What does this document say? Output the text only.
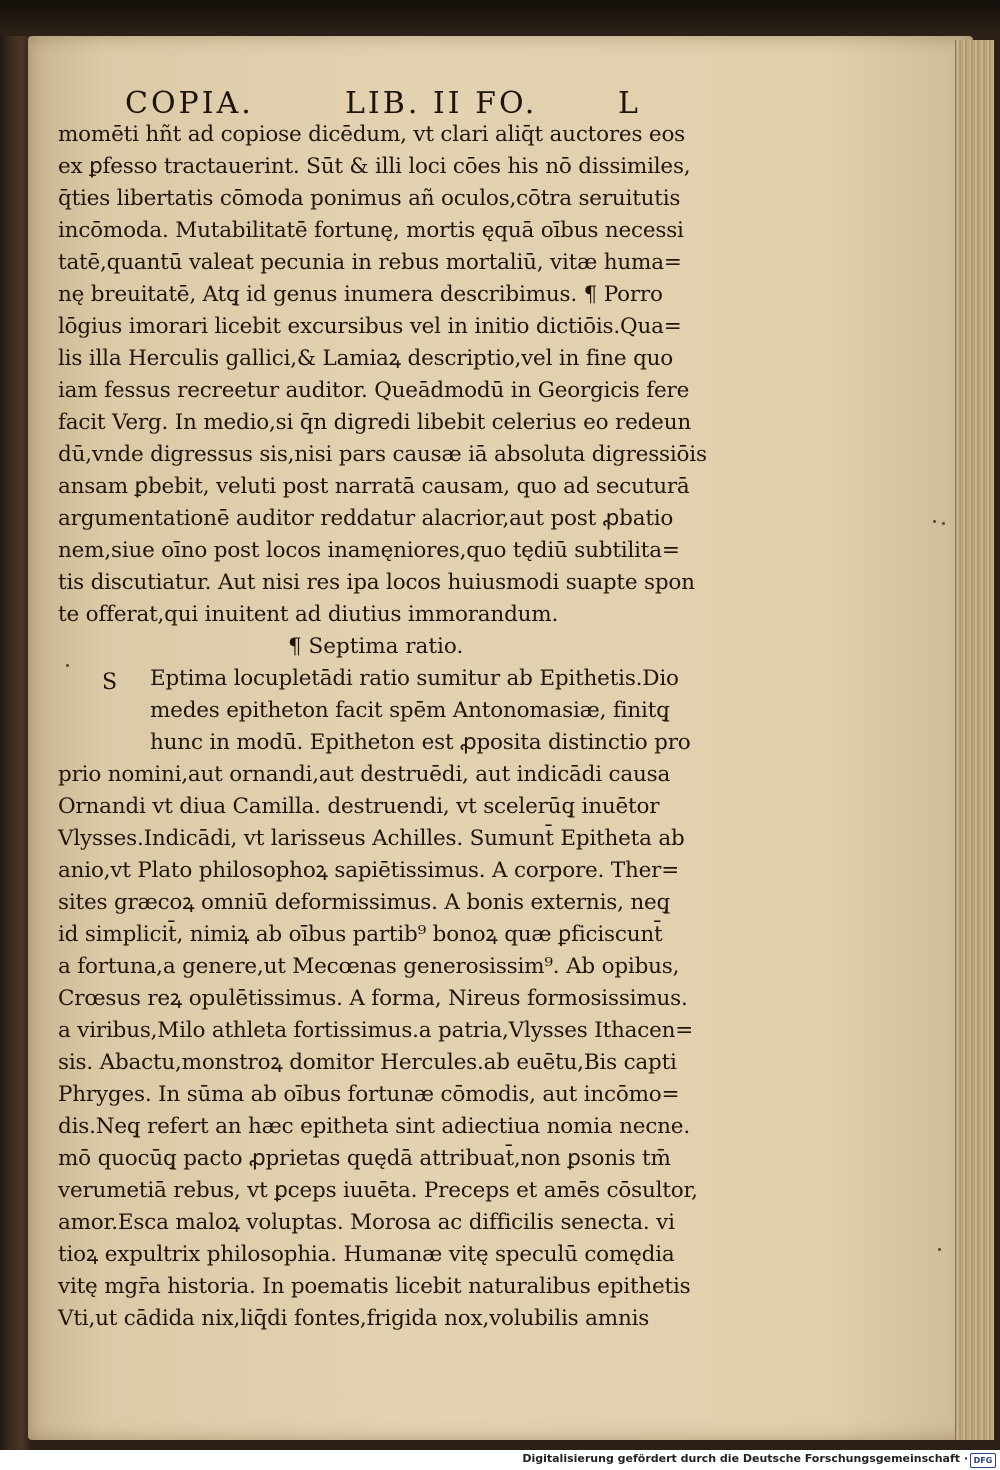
COPIA.	LIB. II FO.	L
momēti hñt ad copiose dicēdum, vt clari aliq̄t auctores eos
ex ꝑfesso tractauerint. Sūt & illi loci cōes his nō dissimiles,
q̄ties libertatis cōmoda ponimus añ oculos,cōtra seruitutis
incōmoda. Mutabilitatē fortunę, mortis ęquā oībus necessi
tatē,quantū valeat pecunia in rebus mortaliū, vitæ huma=
nę breuitatē, Atq̧ id genus inumera describimus. ¶ Porro
lōgius imorari licebit excursibus vel in initio dictiōis.Qua=
lis illa Herculis gallici,& Lamiaꝝ descriptio,vel in fine quo
iam fessus recreetur auditor. Queādmodū in Georgicis fere
facit Verg. In medio,si q̄n digredi libebit celerius eo redeun
dū,vnde digressus sis,nisi pars causæ iā absoluta digressiōis
ansam ꝑbebit, veluti post narratā causam, quo ad secuturā
argumentationē auditor reddatur alacrior,aut post ꝓbatio
nem,siue oīno post locos inamęniores,quo tędiū subtilita=
tis discutiatur. Aut nisi res ipa locos huiusmodi suapte spon
te offerat,qui inuitent ad diutius immorandum.
¶ Septima ratio.
S Eptima locupletādi ratio sumitur ab Epithetis.Dio
medes epitheton facit spēm Antonomasiæ, finitq̧
hunc in modū. Epitheton est ꝓposita distinctio pro
prio nomini,aut ornandi,aut destruēdi, aut indicādi causa
Ornandi vt diua Camilla. destruendi, vt scelerūq̧ inuētor
Vlysses.Indicādi, vt larisseus Achilles. Sumunt̄ Epitheta ab
anio,vt Plato philosophoꝝ sapiētissimus. A corpore. Ther=
sites græcoꝝ omniū deformissimus. A bonis externis, neq̧
id simplicit̄, nimiꝝ ab oībus partib⁹ bonoꝝ quæ ꝑficiscunt̄
a fortuna,a genere,ut Mecœnas generosissim⁹. Ab opibus,
Crœsus reꝝ opulētissimus. A forma, Nireus formosissimus.
a viribus,Milo athleta fortissimus.a patria,Vlysses Ithacen=
sis. Abactu,monstroꝝ domitor Hercules.ab euētu,Bis capti
Phryges. In sūma ab oībus fortunæ cōmodis, aut incōmo=
dis.Neq̧ refert an hæc epitheta sint adiectiua nomia necne.
mō quocūq̧ pacto ꝓprietas quędā attribuat̄,non ꝑsonis tm̄
verumetiā rebus, vt ꝑceps iuuēta. Preceps et amēs cōsultor,
amor.Esca maloꝝ voluptas. Morosa ac difficilis senecta. vi
tioꝝ expultrix philosophia. Humanæ vitę speculū comędia
vitę mgr̄a historia. In poematis licebit naturalibus epithetis
Vti,ut cādida nix,liq̄di fontes,frigida nox,volubilis amnis
Digitalisierung gefördert durch die Deutsche Forschungsgemeinschaft · DFG
